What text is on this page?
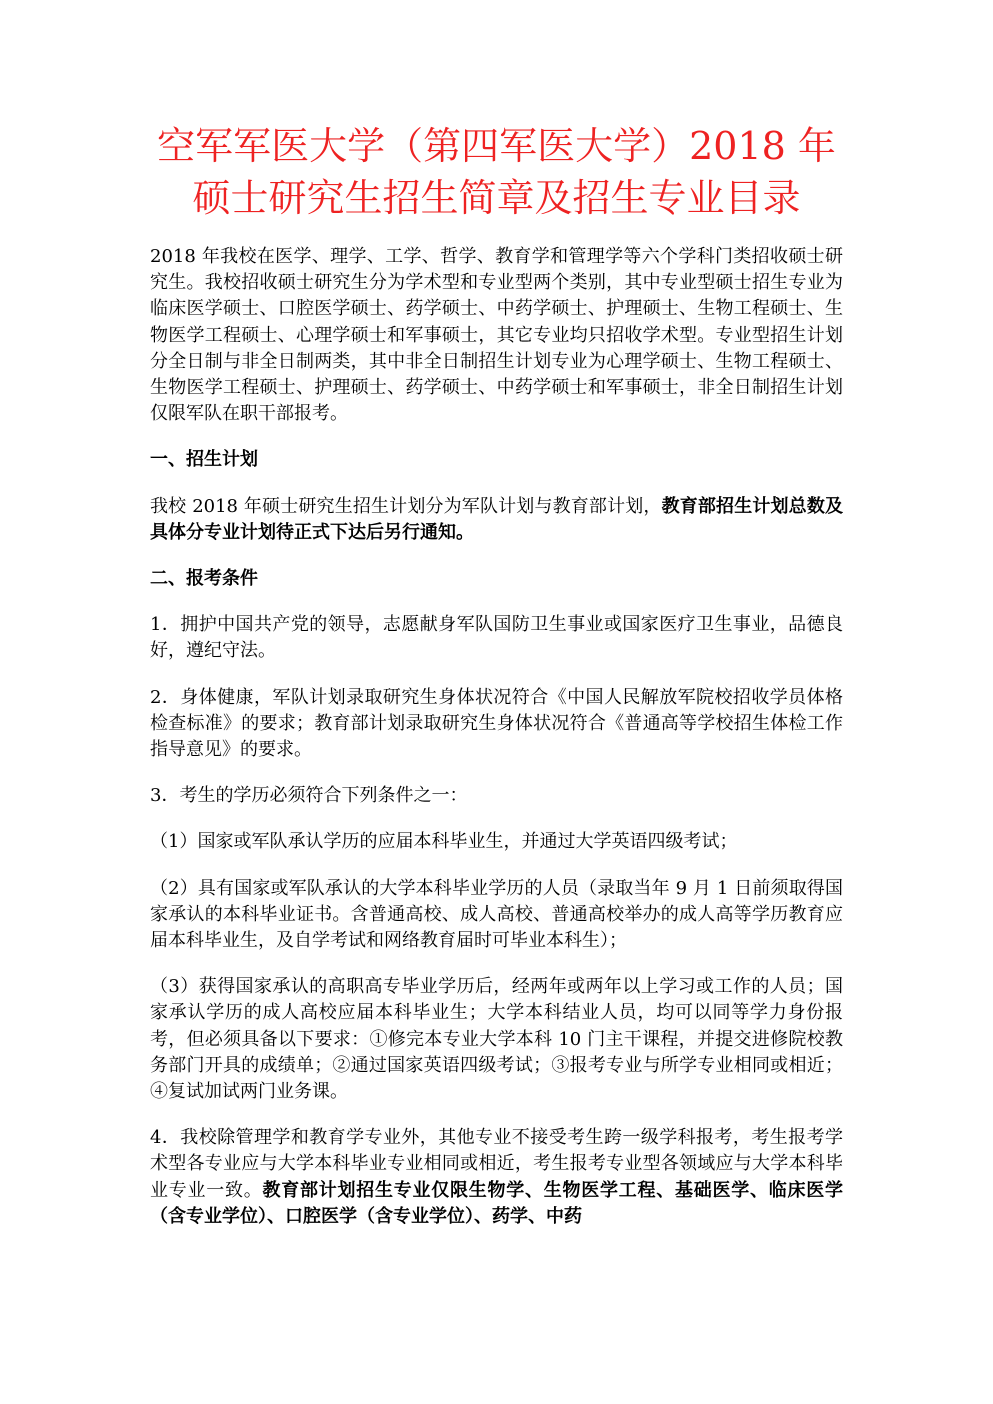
空军军医大学（第四军医大学）2018 年硕士研究生招生简章及招生专业目录

2018 年我校在医学、理学、工学、哲学、教育学和管理学等六个学科门类招收硕士研究生。我校招收硕士研究生分为学术型和专业型两个类别，其中专业型硕士招生专业为临床医学硕士、口腔医学硕士、药学硕士、中药学硕士、护理硕士、生物工程硕士、生物医学工程硕士、心理学硕士和军事硕士，其它专业均只招收学术型。专业型招生计划分全日制与非全日制两类，其中非全日制招生计划专业为心理学硕士、生物工程硕士、生物医学工程硕士、护理硕士、药学硕士、中药学硕士和军事硕士，非全日制招生计划仅限军队在职干部报考。

一、招生计划

我校 2018 年硕士研究生招生计划分为军队计划与教育部计划，教育部招生计划总数及具体分专业计划待正式下达后另行通知。

二、报考条件

1．拥护中国共产党的领导，志愿献身军队国防卫生事业或国家医疗卫生事业，品德良好，遵纪守法。

2．身体健康，军队计划录取研究生身体状况符合《中国人民解放军院校招收学员体格检查标准》的要求；教育部计划录取研究生身体状况符合《普通高等学校招生体检工作指导意见》的要求。

3．考生的学历必须符合下列条件之一：

（1）国家或军队承认学历的应届本科毕业生，并通过大学英语四级考试；

（2）具有国家或军队承认的大学本科毕业学历的人员（录取当年 9 月 1 日前须取得国家承认的本科毕业证书。含普通高校、成人高校、普通高校举办的成人高等学历教育应届本科毕业生，及自学考试和网络教育届时可毕业本科生）；

（3）获得国家承认的高职高专毕业学历后，经两年或两年以上学习或工作的人员；国家承认学历的成人高校应届本科毕业生；大学本科结业人员，均可以同等学力身份报考，但必须具备以下要求：①修完本专业大学本科 10 门主干课程，并提交进修院校教务部门开具的成绩单；②通过国家英语四级考试；③报考专业与所学专业相同或相近；④复试加试两门业务课。

4．我校除管理学和教育学专业外，其他专业不接受考生跨一级学科报考，考生报考学术型各专业应与大学本科毕业专业相同或相近，考生报考专业型各领域应与大学本科毕业专业一致。教育部计划招生专业仅限生物学、生物医学工程、基础医学、临床医学（含专业学位）、口腔医学（含专业学位）、药学、中药
